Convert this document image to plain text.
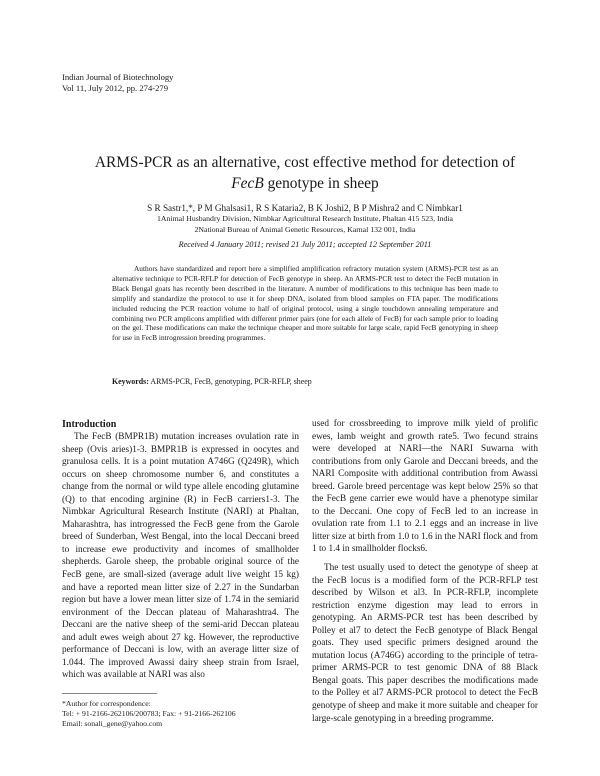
Indian Journal of Biotechnology
Vol 11, July 2012, pp. 274-279
ARMS-PCR as an alternative, cost effective method for detection of
FecB genotype in sheep
S R Sastr1,*, P M Ghalsasi1, R S Kataria2, B K Joshi2, B P Mishra2 and C Nimbkar1
1Animal Husbandry Division, Nimbkar Agricultural Research Institute, Phaltan 415 523, India
2National Bureau of Animal Genetic Resources, Karnal 132 001, India
Received 4 January 2011; revised 21 July 2011; accepted 12 September 2011
Authors have standardized and report here a simplified amplification refractory mutation system (ARMS)-PCR test as an alternative technique to PCR-RFLP for detection of FecB genotype in sheep. An ARMS-PCR test to detect the FecB mutation in Black Bengal goats has recently been described in the literature. A number of modifications to this technique has been made to simplify and standardize the protocol to use it for sheep DNA, isolated from blood samples on FTA paper. The modifications included reducing the PCR reaction volume to half of original protocol, using a single touchdown annealing temperature and combining two PCR amplicons amplified with different primer pairs (one for each allele of FecB) for each sample prior to loading on the gel. These modifications can make the technique cheaper and more suitable for large scale, rapid FecB genotyping in sheep for use in FecB introgression breeding programmes.
Keywords: ARMS-PCR, FecB, genotyping, PCR-RFLP, sheep
Introduction

The FecB (BMPR1B) mutation increases ovulation rate in sheep (Ovis aries)1-3. BMPR1B is expressed in oocytes and granulosa cells. It is a point mutation A746G (Q249R), which occurs on sheep chromosome number 6, and constitutes a change from the normal or wild type allele encoding glutamine (Q) to that encoding arginine (R) in FecB carriers1-3. The Nimbkar Agricultural Research Institute (NARI) at Phaltan, Maharashtra, has introgressed the FecB gene from the Garole breed of Sunderban, West Bengal, into the local Deccani breed to increase ewe productivity and incomes of smallholder shepherds. Garole sheep, the probable original source of the FecB gene, are small-sized (average adult live weight 15 kg) and have a reported mean litter size of 2.27 in the Sundarban region but have a lower mean litter size of 1.74 in the semiarid environment of the Deccan plateau of Maharashtra4. The Deccani are the native sheep of the semi-arid Deccan plateau and adult ewes weigh about 27 kg. However, the reproductive performance of Deccani is low, with an average litter size of 1.044. The improved Awassi dairy sheep strain from Israel, which was available at NARI was also

used for crossbreeding to improve milk yield of prolific ewes, lamb weight and growth rate5. Two fecund strains were developed at NARI—the NARI Suwarna with contributions from only Garole and Deccani breeds, and the NARI Composite with additional contribution from Awassi breed. Garole breed percentage was kept below 25% so that the FecB gene carrier ewe would have a phenotype similar to the Deccani. One copy of FecB led to an increase in ovulation rate from 1.1 to 2.1 eggs and an increase in live litter size at birth from 1.0 to 1.6 in the NARI flock and from 1 to 1.4 in smallholder flocks6.

The test usually used to detect the genotype of sheep at the FecB locus is a modified form of the PCR-RFLP test described by Wilson et al3. In PCR-RFLP, incomplete restriction enzyme digestion may lead to errors in genotyping. An ARMS-PCR test has been described by Polley et al7 to detect the FecB genotype of Black Bengal goats. They used specific primers designed around the mutation locus (A746G) according to the principle of tetra-primer ARMS-PCR to test genomic DNA of 88 Black Bengal goats. This paper describes the modifications made to the Polley et al7 ARMS-PCR protocol to detect the FecB genotype of sheep and make it more suitable and cheaper for large-scale genotyping in a breeding programme.

*Author for correspondence:
Tel: + 91-2166-262106/200783; Fax: + 91-2166-262106
Email: sonali_gene@yahoo.com
